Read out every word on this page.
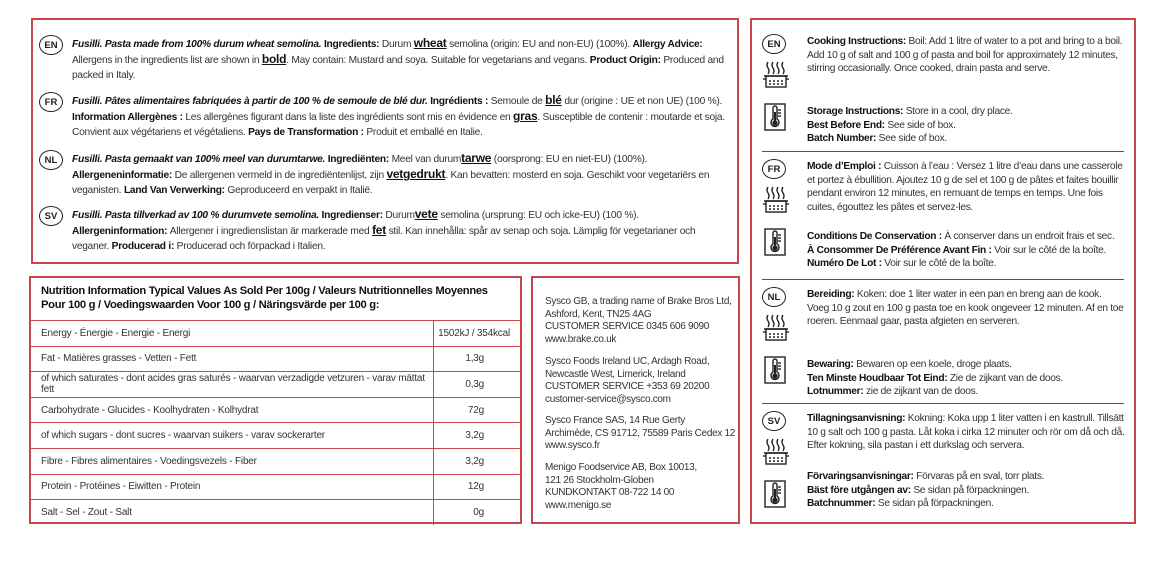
EN	Fusilli. Pasta made from 100% durum wheat semolina. Ingredients: Durum wheat semolina (origin: EU and non-EU) (100%). Allergy Advice: Allergens in the ingredients list are shown in bold. May contain: Mustard and soya. Suitable for vegetarians and vegans. Product Origin: Produced and packed in Italy.
FR	Fusilli. Pâtes alimentaires fabriquées à partir de 100 % de semoule de blé dur. Ingrédients : Semoule de blé dur (origine : UE et non UE) (100 %). Information Allergènes : Les allergènes figurant dans la liste des ingrédients sont mis en évidence en gras. Susceptible de contenir : moutarde et soja. Convient aux végétariens et végétaliens. Pays de Transformation : Produit et emballé en Italie.
NL	Fusilli. Pasta gemaakt van 100% meel van durumtarwe. Ingrediënten: Meel van durumtarwe (oorsprong: EU en niet-EU) (100%). Allergeneninformatie: De allergenen vermeld in de ingrediëntenlijst, zijn vetgedrukt. Kan bevatten: mosterd en soja. Geschikt voor vegetariërs en veganisten. Land Van Verwerking: Geproduceerd en verpakt in Italië.
SV	Fusilli. Pasta tillverkad av 100 % durumvete semolina. Ingredienser: Durumvete semolina (ursprung: EU och icke-EU) (100 %). Allergeninformation: Allergener i ingredienslistan är markerade med fet stil. Kan innehålla: spår av senap och soja. Lämplig för vegetarianer och veganer. Producerad i: Producerad och förpackad i Italien.
Nutrition Information Typical Values As Sold Per 100g / Valeurs Nutritionnelles Moyennes
Pour 100 g / Voedingswaarden Voor 100 g / Näringsvärde per 100 g:
Energy - Énergie - Energie - Energi	1502kJ / 354kcal
Fat - Matières grasses - Vetten - Fett	1,3g
of which saturates - dont acides gras saturés - waarvan verzadigde vetzuren - varav mättat fett	0,3g
Carbohydrate - Glucides - Koolhydraten - Kolhydrat	72g
of which sugars - dont sucres - waarvan suikers - varav sockerarter	3,2g
Fibre - Fibres alimentaires - Voedingsvezels - Fiber	3,2g
Protein - Protéines - Eiwitten - Protein	12g
Salt - Sel - Zout - Salt	0g
Sysco GB, a trading name of Brake Bros Ltd,
Ashford, Kent, TN25 4AG
CUSTOMER SERVICE 0345 606 9090
www.brake.co.uk
Sysco Foods Ireland UC, Ardagh Road,
Newcastle West, Limerick, Ireland
CUSTOMER SERVICE +353 69 20200
customer-service@sysco.com
Sysco France SAS, 14 Rue Gerty
Archimède, CS 91712, 75589 Paris Cedex 12
www.sysco.fr
Menigo Foodservice AB, Box 10013,
121 26 Stockholm-Globen
KUNDKONTAKT 08-722 14 00
www.menigo.se
EN	Cooking Instructions: Boil: Add 1 litre of water to a pot and bring to a boil. Add 10 g of salt and 100 g of pasta and boil for approximately 12 minutes, stirring occasionally. Once cooked, drain pasta and serve.
Storage Instructions: Store in a cool, dry place.
Best Before End: See side of box.
Batch Number: See side of box.
FR	Mode d’Emploi : Cuisson à l’eau : Versez 1 litre d’eau dans une casserole et portez à ébullition. Ajoutez 10 g de sel et 100 g de pâtes et faites bouillir pendant environ 12 minutes, en remuant de temps en temps. Une fois cuites, égouttez les pâtes et servez-les.
Conditions De Conservation : À conserver dans un endroit frais et sec.
À Consommer De Préférence Avant Fin : Voir sur le côté de la boîte.
Numéro De Lot : Voir sur le côté de la boîte.
NL	Bereiding: Koken: doe 1 liter water in een pan en breng aan de kook. Voeg 10 g zout en 100 g pasta toe en kook ongeveer 12 minuten. Af en toe roeren. Eenmaal gaar, pasta afgieten en serveren.
Bewaring: Bewaren op een koele, droge plaats.
Ten Minste Houdbaar Tot Eind: Zie de zijkant van de doos.
Lotnummer: zie de zijkant van de doos.
SV	Tillagningsanvisning: Kokning: Koka upp 1 liter vatten i en kastrull. Tillsätt 10 g salt och 100 g pasta. Låt koka i cirka 12 minuter och rör om då och då. Efter kokning, sila pastan i ett durkslag och servera.
Förvaringsanvisningar: Förvaras på en sval, torr plats.
Bäst före utgången av: Se sidan på förpackningen.
Batchnummer: Se sidan på förpackningen.
